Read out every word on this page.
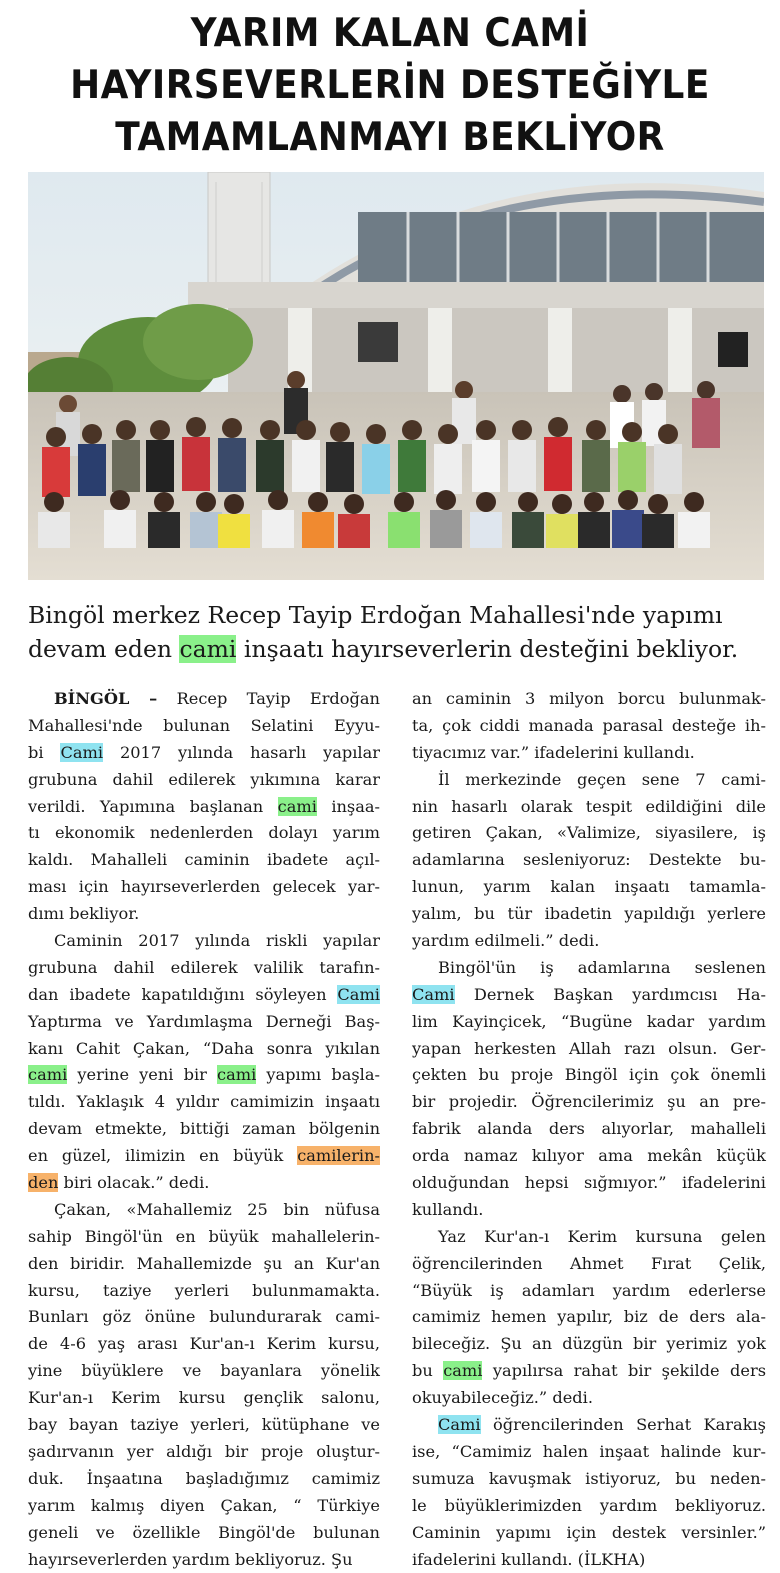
YARIM KALAN CAMİ
HAYIRSEVERLERİN DESTEĞİYLE
TAMAMLANMAYI BEKLİYOR
Bingöl merkez Recep Tayip Erdoğan Mahallesi'nde yapımı
devam eden cami inşaatı hayırseverlerin desteğini bekliyor.

BİNGÖL – Recep Tayip Erdoğan
Mahallesi'nde bulunan Selatini Eyyu-
bi Cami 2017 yılında hasarlı yapılar
grubuna dahil edilerek yıkımına karar
verildi. Yapımına başlanan cami inşaa-
tı ekonomik nedenlerden dolayı yarım
kaldı. Mahalleli caminin ibadete açıl-
ması için hayırseverlerden gelecek yar-
dımı bekliyor.

Caminin 2017 yılında riskli yapılar
grubuna dahil edilerek valilik tarafın-
dan ibadete kapatıldığını söyleyen Cami
Yaptırma ve Yardımlaşma Derneği Baş-
kanı Cahit Çakan, “Daha sonra yıkılan
cami yerine yeni bir cami yapımı başla-
tıldı. Yaklaşık 4 yıldır camimizin inşaatı
devam etmekte, bittiği zaman bölgenin
en güzel, ilimizin en büyük camilerin-
den biri olacak.” dedi.

Çakan, «Mahallemiz 25 bin nüfusa
sahip Bingöl'ün en büyük mahallelerin-
den biridir. Mahallemizde şu an Kur'an
kursu, taziye yerleri bulunmamakta.
Bunları göz önüne bulundurarak cami-
de 4-6 yaş arası Kur'an-ı Kerim kursu,
yine büyüklere ve bayanlara yönelik
Kur'an-ı Kerim kursu gençlik salonu,
bay bayan taziye yerleri, kütüphane ve
şadırvanın yer aldığı bir proje oluştur-
duk. İnşaatına başladığımız camimiz
yarım kalmış diyen Çakan, “ Türkiye
geneli ve özellikle Bingöl'de bulunan
hayırseverlerden yardım bekliyoruz. Şu

an caminin 3 milyon borcu bulunmak-
ta, çok ciddi manada parasal desteğe ih-
tiyacımız var.” ifadelerini kullandı.

İl merkezinde geçen sene 7 cami-
nin hasarlı olarak tespit edildiğini dile
getiren Çakan, «Valimize, siyasilere, iş
adamlarına sesleniyoruz: Destekte bu-
lunun, yarım kalan inşaatı tamamla-
yalım, bu tür ibadetin yapıldığı yerlere
yardım edilmeli.” dedi.

Bingöl'ün iş adamlarına seslenen
Cami Dernek Başkan yardımcısı Ha-
lim Kayinçicek, “Bugüne kadar yardım
yapan herkesten Allah razı olsun. Ger-
çekten bu proje Bingöl için çok önemli
bir projedir. Öğrencilerimiz şu an pre-
fabrik alanda ders alıyorlar, mahalleli
orda namaz kılıyor ama mekân küçük
olduğundan hepsi sığmıyor.” ifadelerini
kullandı.

Yaz Kur'an-ı Kerim kursuna gelen
öğrencilerinden Ahmet Fırat Çelik,
“Büyük iş adamları yardım ederlerse
camimiz hemen yapılır, biz de ders ala-
bileceğiz. Şu an düzgün bir yerimiz yok
bu cami yapılırsa rahat bir şekilde ders
okuyabileceğiz.” dedi.

Cami öğrencilerinden Serhat Karakış
ise, “Camimiz halen inşaat halinde kur-
sumuza kavuşmak istiyoruz, bu neden-
le büyüklerimizden yardım bekliyoruz.
Caminin yapımı için destek versinler.”
ifadelerini kullandı. (İLKHA)
